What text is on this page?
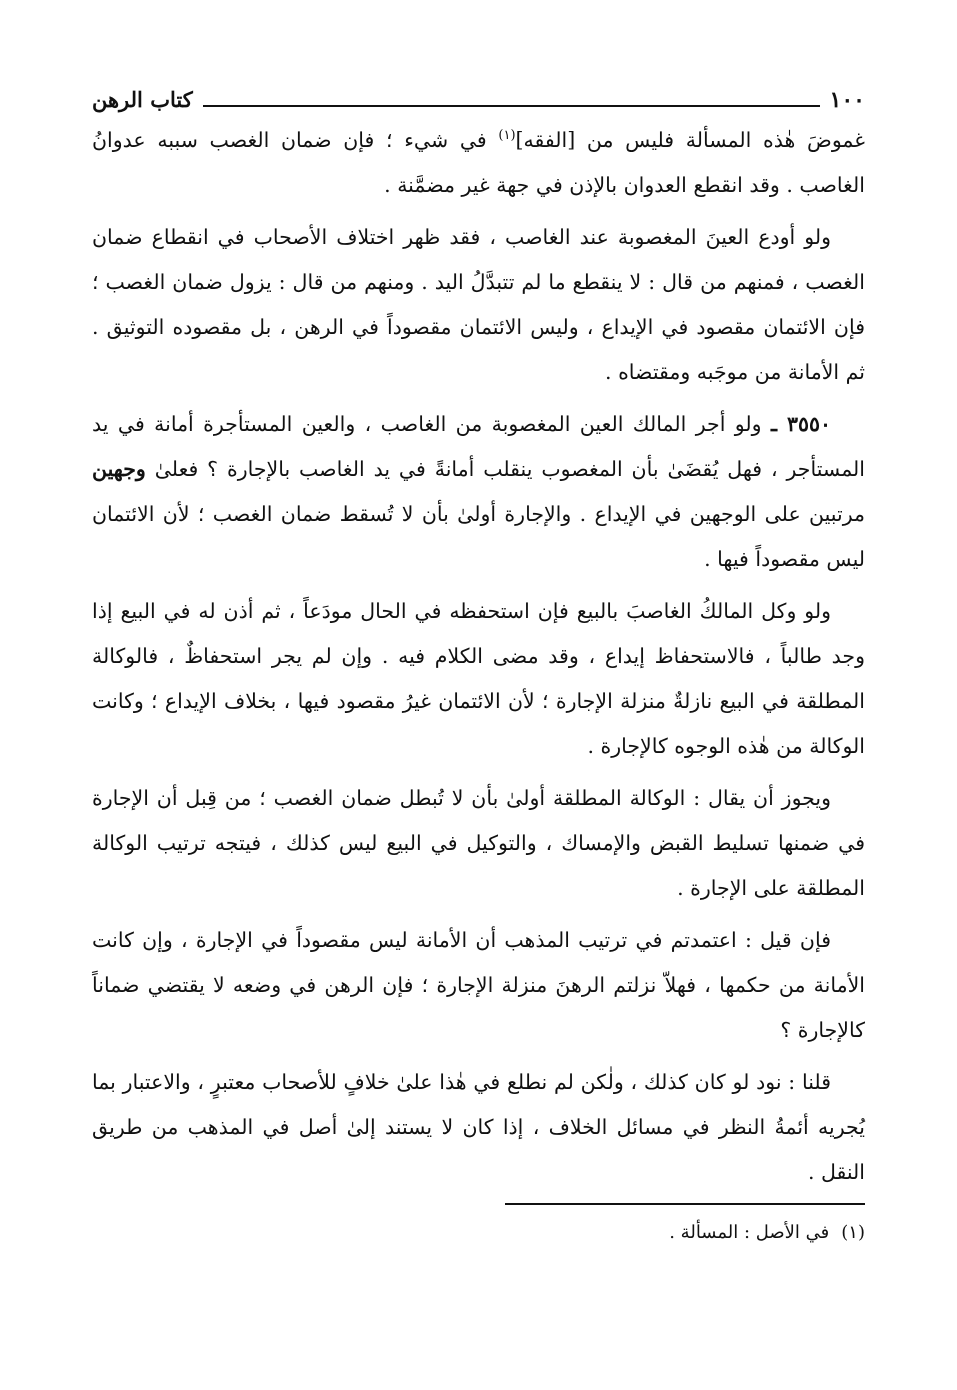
١٠٠
كتاب الرهن

غموضَ هٰذه المسألة فليس من [الفقه]$^{(١)}$ في شيء ؛ فإن ضمان الغصب سببه عدوانُ الغاصب . وقد انقطع العدوان بالإذن في جهة غير مضمَّنة .

ولو أودع العينَ المغصوبة عند الغاصب ، فقد ظهر اختلاف الأصحاب في انقطاع ضمان الغصب ، فمنهم من قال : لا ينقطع ما لم تتبدَّلُ اليد . ومنهم من قال : يزول ضمان الغصب ؛ فإن الائتمان مقصود في الإيداع ، وليس الائتمان مقصوداً في الرهن ، بل مقصوده التوثيق . ثم الأمانة من موجَبه ومقتضاه .

٣٥٥٠ ـ ولو أجر المالك العين المغصوبة من الغاصب ، والعين المستأجرة أمانة في يد المستأجر ، فهل يُقضَىٰ بأن المغصوب ينقلب أمانةً في يد الغاصب بالإجارة ؟ فعلىٰ وجهين مرتبين على الوجهين في الإيداع . والإجارة أولىٰ بأن لا تُسقط ضمان الغصب ؛ لأن الائتمان ليس مقصوداً فيها .

ولو وكل المالكُ الغاصبَ بالبيع فإن استحفظه في الحال مودَعاً ، ثم أذن له في البيع إذا وجد طالباً ، فالاستحفاظ إيداع ، وقد مضى الكلام فيه . وإن لم يجر استحفاظٌ ، فالوكالة المطلقة في البيع نازلةٌ منزلة الإجارة ؛ لأن الائتمان غيرُ مقصود فيها ، بخلاف الإيداع ؛ وكانت الوكالة من هٰذه الوجوه كالإجارة .

ويجوز أن يقال : الوكالة المطلقة أولىٰ بأن لا تُبطل ضمان الغصب ؛ من قِبل أن الإجارة في ضمنها تسليط القبض والإمساك ، والتوكيل في البيع ليس كذلك ، فيتجه ترتيب الوكالة المطلقة على الإجارة .

فإن قيل : اعتمدتم في ترتيب المذهب أن الأمانة ليس مقصوداً في الإجارة ، وإن كانت الأمانة من حكمها ، فهلاّ نزلتم الرهنَ منزلة الإجارة ؛ فإن الرهن في وضعه لا يقتضي ضماناً كالإجارة ؟

قلنا : نود لو كان كذلك ، ولٰكن لم نطلع في هٰذا علىٰ خلافٍ للأصحاب معتبرٍ ، والاعتبار بما يُجريه أئمةُ النظر في مسائل الخلاف ، إذا كان لا يستند إلىٰ أصل في المذهب من طريق النقل .

(١)في الأصل : المسألة .
